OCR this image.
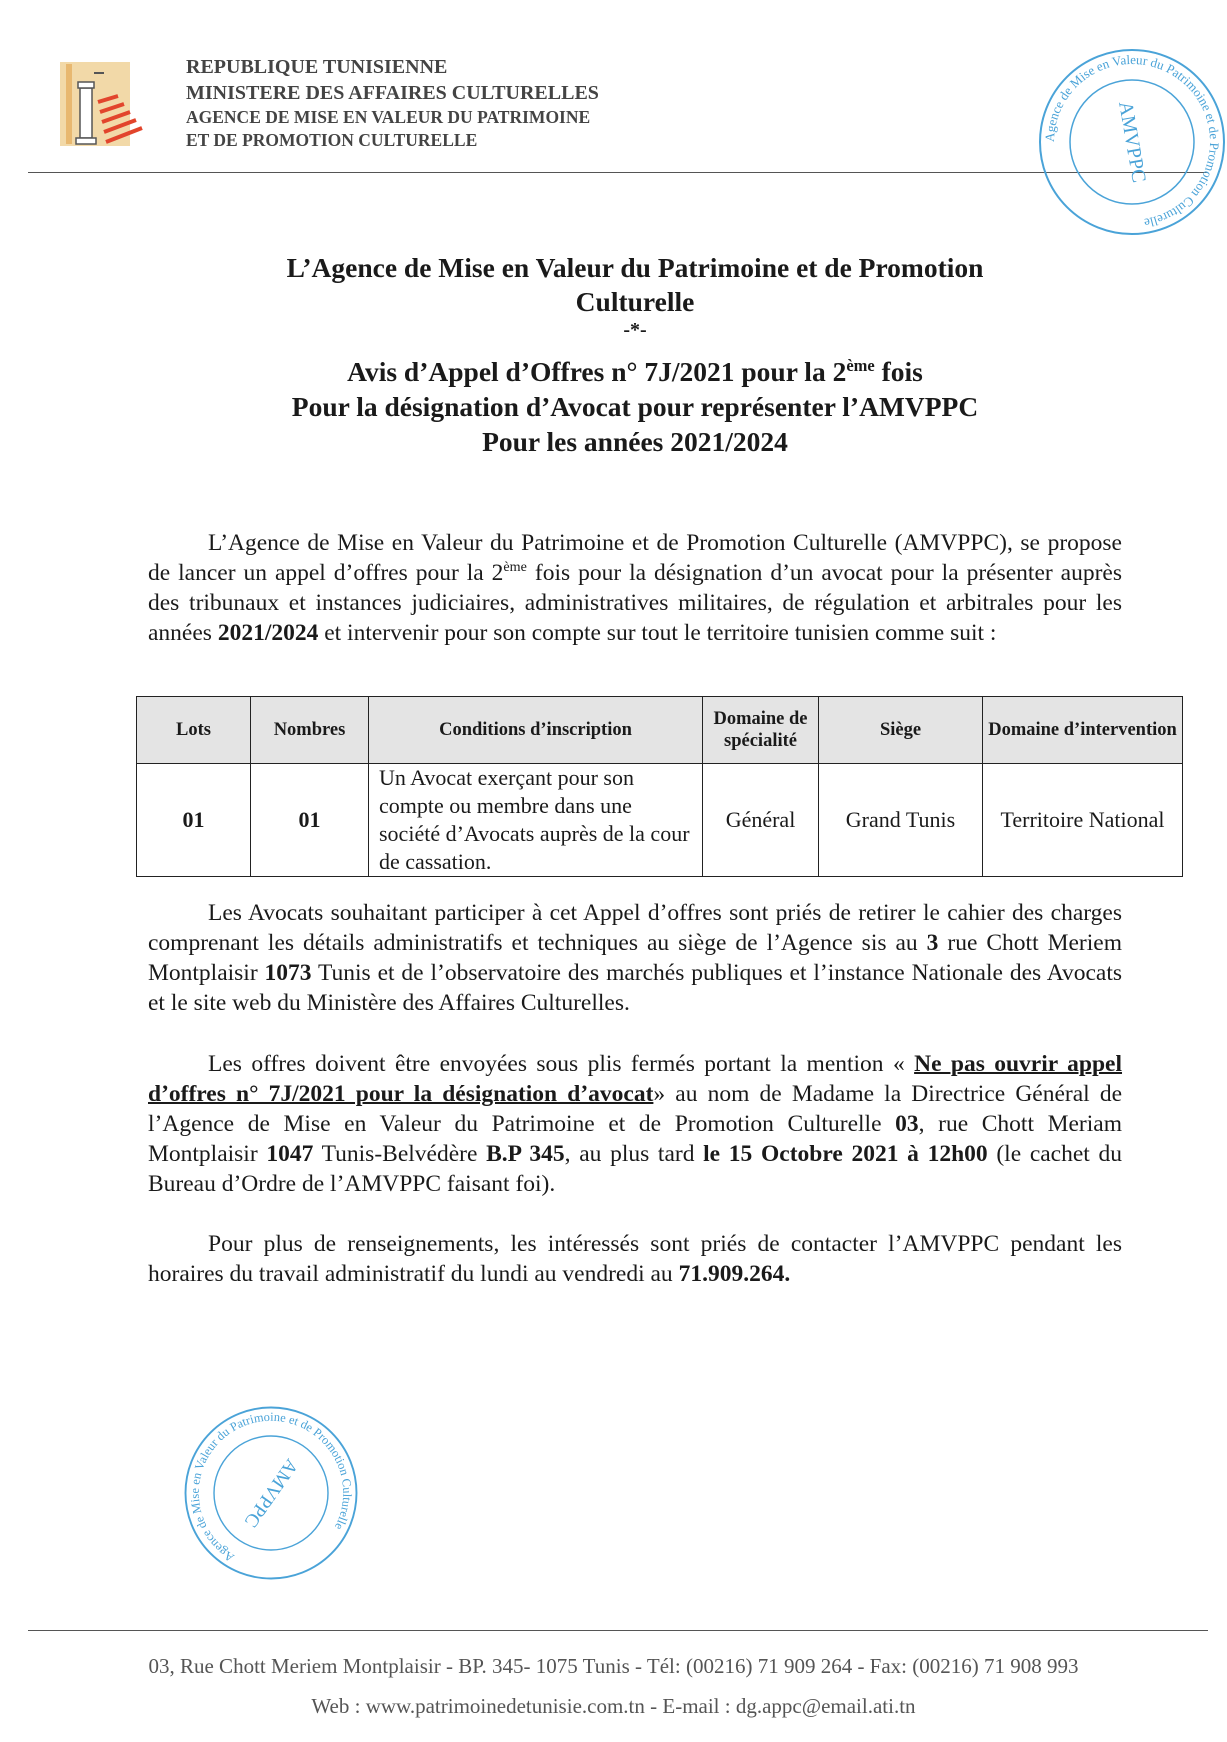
REPUBLIQUE TUNISIENNE
MINISTERE DES AFFAIRES CULTURELLES
AGENCE DE MISE EN VALEUR DU PATRIMOINE
ET DE PROMOTION CULTURELLE	Agence de Mise en Valeur du Patrimoine et de Promotion Culturelle
AMVPPC
L’Agence de Mise en Valeur du Patrimoine et de Promotion
Culturelle
-*-
Avis d’Appel d’Offres n° 7J/2021 pour la 2ème fois
Pour la désignation d’Avocat pour représenter l’AMVPPC
Pour les années 2021/2024
L’Agence de Mise en Valeur du Patrimoine et de Promotion Culturelle (AMVPPC), se propose de lancer un appel d’offres pour la 2ème fois pour la désignation d’un avocat pour la présenter auprès des tribunaux et instances judiciaires, administratives militaires, de régulation et arbitrales pour les années 2021/2024 et intervenir pour son compte sur tout le territoire tunisien comme suit :
Lots	Nombres	Conditions d’inscription	Domaine de spécialité	Siège	Domaine d’intervention
01	01	Un Avocat exerçant pour son compte ou membre dans une société d’Avocats auprès de la cour de cassation.	Général	Grand Tunis	Territoire National
Les Avocats souhaitant participer à cet Appel d’offres sont priés de retirer le cahier des charges comprenant les détails administratifs et techniques au siège de l’Agence sis au 3 rue Chott Meriem Montplaisir 1073 Tunis et de l’observatoire des marchés publiques et l’instance Nationale des Avocats et le site web du Ministère des Affaires Culturelles.
Les offres doivent être envoyées sous plis fermés portant la mention « Ne pas ouvrir appel d’offres n° 7J/2021 pour la désignation d’avocat» au nom de Madame la Directrice Général de l’Agence de Mise en Valeur du Patrimoine et de Promotion Culturelle 03, rue Chott Meriam Montplaisir 1047 Tunis-Belvédère B.P 345, au plus tard le 15 Octobre 2021 à 12h00 (le cachet du Bureau d’Ordre de l’AMVPPC faisant foi).
Pour plus de renseignements, les intéressés sont priés de contacter l’AMVPPC pendant les horaires du travail administratif du lundi au vendredi au 71.909.264.
Agence de Mise en Valeur du Patrimoine et de Promotion Culturelle
AMVPPC
03, Rue Chott Meriem Montplaisir - BP. 345- 1075 Tunis - Tél: (00216) 71 909 264 - Fax: (00216) 71 908 993
Web : www.patrimoinedetunisie.com.tn - E-mail : dg.appc@email.ati.tn
